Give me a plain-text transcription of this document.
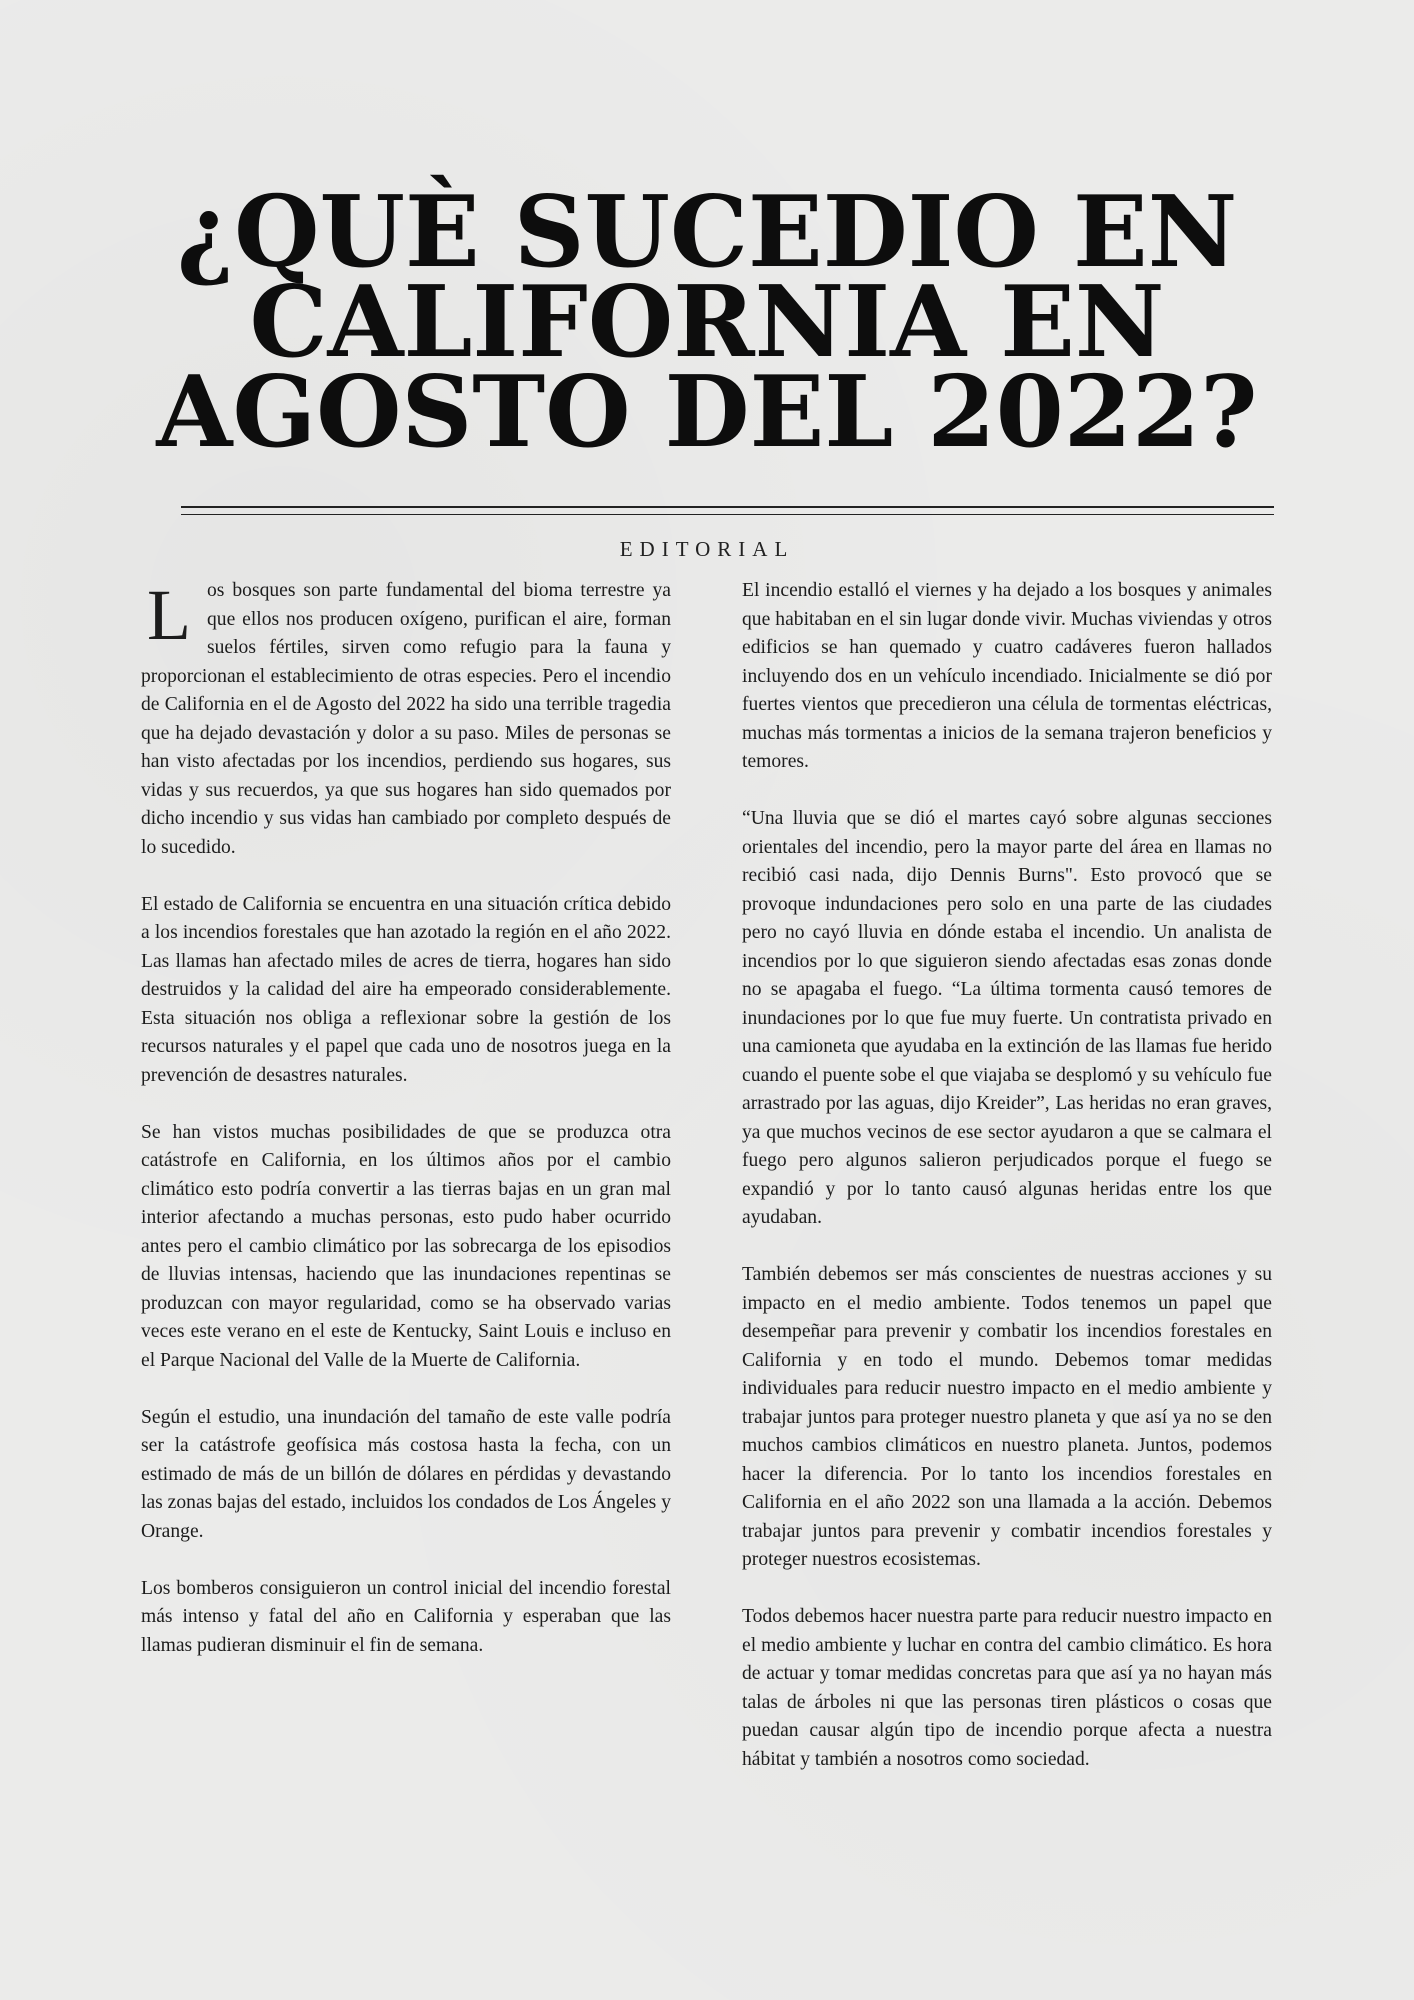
¿QUÈ SUCEDIO EN CALIFORNIA EN AGOSTO DEL 2022?
EDITORIAL

Los bosques son parte fundamental del bioma terrestre ya que ellos nos producen oxígeno, purifican el aire, forman suelos fértiles, sirven como refugio para la fauna y proporcionan el establecimiento de otras especies. Pero el incendio de California en el de Agosto del 2022 ha sido una terrible tragedia que ha dejado devastación y dolor a su paso. Miles de personas se han visto afectadas por los incendios, perdiendo sus hogares, sus vidas y sus recuerdos, ya que sus hogares han sido quemados por dicho incendio y sus vidas han cambiado por completo después de lo sucedido.

El estado de California se encuentra en una situación crítica debido a los incendios forestales que han azotado la región en el año 2022. Las llamas han afectado miles de acres de tierra, hogares han sido destruidos y la calidad del aire ha empeorado considerablemente. Esta situación nos obliga a reflexionar sobre la gestión de los recursos naturales y el papel que cada uno de nosotros juega en la prevención de desastres naturales.

Se han vistos muchas posibilidades de que se produzca otra catástrofe en California, en los últimos años por el cambio climático esto podría convertir a las tierras bajas en un gran mal interior afectando a muchas personas, esto pudo haber ocurrido antes pero el cambio climático por las sobrecarga de los episodios de lluvias intensas, haciendo que las inundaciones repentinas se produzcan con mayor regularidad, como se ha observado varias veces este verano en el este de Kentucky, Saint Louis e incluso en el Parque Nacional del Valle de la Muerte de California.

Según el estudio, una inundación del tamaño de este valle podría ser la catástrofe geofísica más costosa hasta la fecha, con un estimado de más de un billón de dólares en pérdidas y devastando las zonas bajas del estado, incluidos los condados de Los Ángeles y Orange.

Los bomberos consiguieron un control inicial del incendio forestal más intenso y fatal del año en California y esperaban que las llamas pudieran disminuir el fin de semana.

El incendio estalló el viernes y ha dejado a los bosques y animales que habitaban en el sin lugar donde vivir. Muchas viviendas y otros edificios se han quemado y cuatro cadáveres fueron hallados incluyendo dos en un vehículo incendiado. Inicialmente se dió por fuertes vientos que precedieron una célula de tormentas eléctricas, muchas más tormentas a inicios de la semana trajeron beneficios y temores.

“Una lluvia que se dió el martes cayó sobre algunas secciones orientales del incendio, pero la mayor parte del área en llamas no recibió casi nada, dijo Dennis Burns". Esto provocó que se provoque indundaciones pero solo en una parte de las ciudades pero no cayó lluvia en dónde estaba el incendio. Un analista de incendios por lo que siguieron siendo afectadas esas zonas donde no se apagaba el fuego. “La última tormenta causó temores de inundaciones por lo que fue muy fuerte. Un contratista privado en una camioneta que ayudaba en la extinción de las llamas fue herido cuando el puente sobe el que viajaba se desplomó y su vehículo fue arrastrado por las aguas, dijo Kreider”, Las heridas no eran graves, ya que muchos vecinos de ese sector ayudaron a que se calmara el fuego pero algunos salieron perjudicados porque el fuego se expandió y por lo tanto causó algunas heridas entre los que ayudaban.

También debemos ser más conscientes de nuestras acciones y su impacto en el medio ambiente. Todos tenemos un papel que desempeñar para prevenir y combatir los incendios forestales en California y en todo el mundo. Debemos tomar medidas individuales para reducir nuestro impacto en el medio ambiente y trabajar juntos para proteger nuestro planeta y que así ya no se den muchos cambios climáticos en nuestro planeta. Juntos, podemos hacer la diferencia. Por lo tanto los incendios forestales en California en el año 2022 son una llamada a la acción. Debemos trabajar juntos para prevenir y combatir incendios forestales y proteger nuestros ecosistemas.

Todos debemos hacer nuestra parte para reducir nuestro impacto en el medio ambiente y luchar en contra del cambio climático. Es hora de actuar y tomar medidas concretas para que así ya no hayan más talas de árboles ni que las personas tiren plásticos o cosas que puedan causar algún tipo de incendio porque afecta a nuestra hábitat y también a nosotros como sociedad.
